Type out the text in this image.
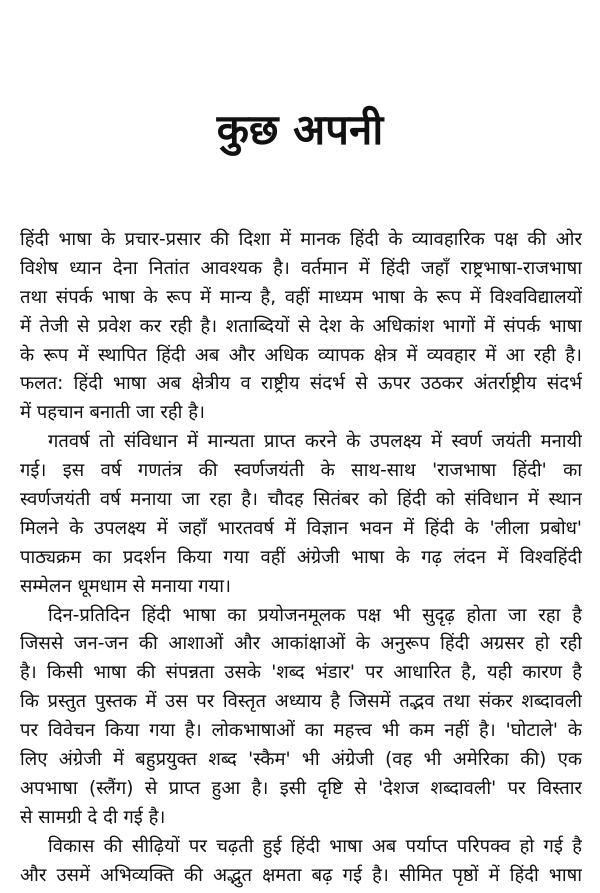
कुछ अपनी
हिंदी भाषा के प्रचार-प्रसार की दिशा में मानक हिंदी के व्यावहारिक पक्ष की ओर
विशेष ध्यान देना नितांत आवश्यक है। वर्तमान में हिंदी जहाँ राष्ट्रभाषा-राजभाषा
तथा संपर्क भाषा के रूप में मान्य है, वहीं माध्यम भाषा के रूप में विश्वविद्यालयों
में तेजी से प्रवेश कर रही है। शताब्दियों से देश के अधिकांश भागों में संपर्क भाषा
के रूप में स्थापित हिंदी अब और अधिक व्यापक क्षेत्र में व्यवहार में आ रही है।
फलत: हिंदी भाषा अब क्षेत्रीय व राष्ट्रीय संदर्भ से ऊपर उठकर अंतर्राष्ट्रीय संदर्भ
में पहचान बनाती जा रही है।
गतवर्ष तो संविधान में मान्यता प्राप्त करने के उपलक्ष्य में स्वर्ण जयंती मनायी
गई। इस वर्ष गणतंत्र की स्वर्णजयंती के साथ-साथ 'राजभाषा हिंदी' का
स्वर्णजयंती वर्ष मनाया जा रहा है। चौदह सितंबर को हिंदी को संविधान में स्थान
मिलने के उपलक्ष्य में जहाँ भारतवर्ष में विज्ञान भवन में हिंदी के 'लीला प्रबोध'
पाठ्यक्रम का प्रदर्शन किया गया वहीं अंग्रेजी भाषा के गढ़ लंदन में विश्वहिंदी
सम्मेलन धूमधाम से मनाया गया।
दिन-प्रतिदिन हिंदी भाषा का प्रयोजनमूलक पक्ष भी सुदृढ़ होता जा रहा है
जिससे जन-जन की आशाओं और आकांक्षाओं के अनुरूप हिंदी अग्रसर हो रही
है। किसी भाषा की संपन्नता उसके 'शब्द भंडार' पर आधारित है, यही कारण है
कि प्रस्तुत पुस्तक में उस पर विस्तृत अध्याय है जिसमें तद्भव तथा संकर शब्दावली
पर विवेचन किया गया है। लोकभाषाओं का महत्त्व भी कम नहीं है। 'घोटाले' के
लिए अंग्रेजी में बहुप्रयुक्त शब्द 'स्कैम' भी अंग्रेजी (वह भी अमेरिका की) एक
अपभाषा (स्लैंग) से प्राप्त हुआ है। इसी दृष्टि से 'देशज शब्दावली' पर विस्तार
से सामग्री दे दी गई है।
विकास की सीढ़ियों पर चढ़ती हुई हिंदी भाषा अब पर्याप्त परिपक्व हो गई है
और उसमें अभिव्यक्ति की अद्भुत क्षमता बढ़ गई है। सीमित पृष्ठों में हिंदी भाषा
